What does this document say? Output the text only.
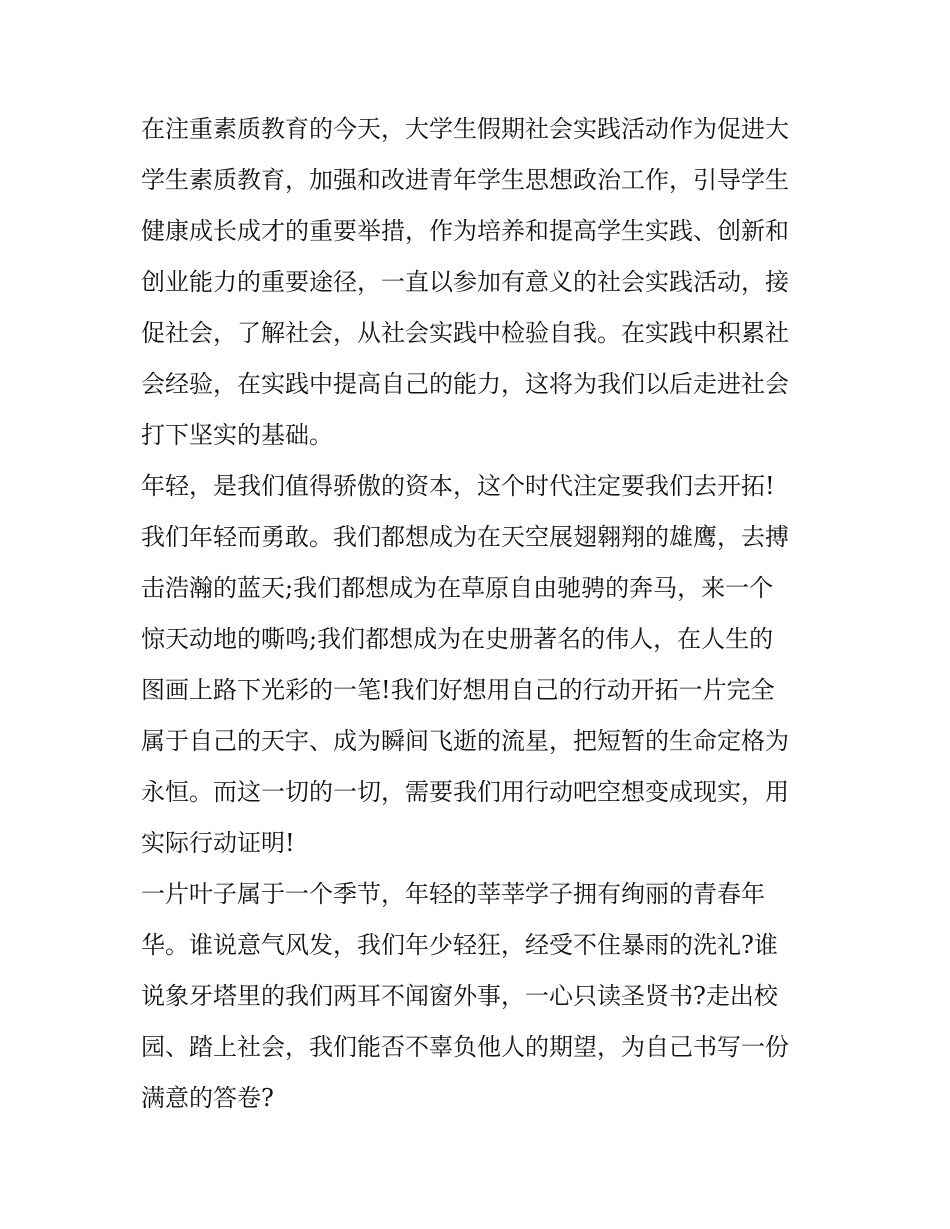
在注重素质教育的今天，大学生假期社会实践活动作为促进大
学生素质教育，加强和改进青年学生思想政治工作，引导学生
健康成长成才的重要举措，作为培养和提高学生实践、创新和
创业能力的重要途径，一直以参加有意义的社会实践活动，接
促社会，了解社会，从社会实践中检验自我。在实践中积累社
会经验，在实践中提高自己的能力，这将为我们以后走进社会
打下坚实的基础。
年轻，是我们值得骄傲的资本，这个时代注定要我们去开拓!
我们年轻而勇敢。我们都想成为在天空展翅翱翔的雄鹰，去搏
击浩瀚的蓝天;我们都想成为在草原自由驰骋的奔马，来一个
惊天动地的嘶鸣;我们都想成为在史册著名的伟人，在人生的
图画上路下光彩的一笔!我们好想用自己的行动开拓一片完全
属于自己的天宇、成为瞬间飞逝的流星，把短暂的生命定格为
永恒。而这一切的一切，需要我们用行动吧空想变成现实，用
实际行动证明!
一片叶子属于一个季节，年轻的莘莘学子拥有绚丽的青春年
华。谁说意气风发，我们年少轻狂，经受不住暴雨的洗礼?谁
说象牙塔里的我们两耳不闻窗外事，一心只读圣贤书?走出校
园、踏上社会，我们能否不辜负他人的期望，为自己书写一份
满意的答卷?
